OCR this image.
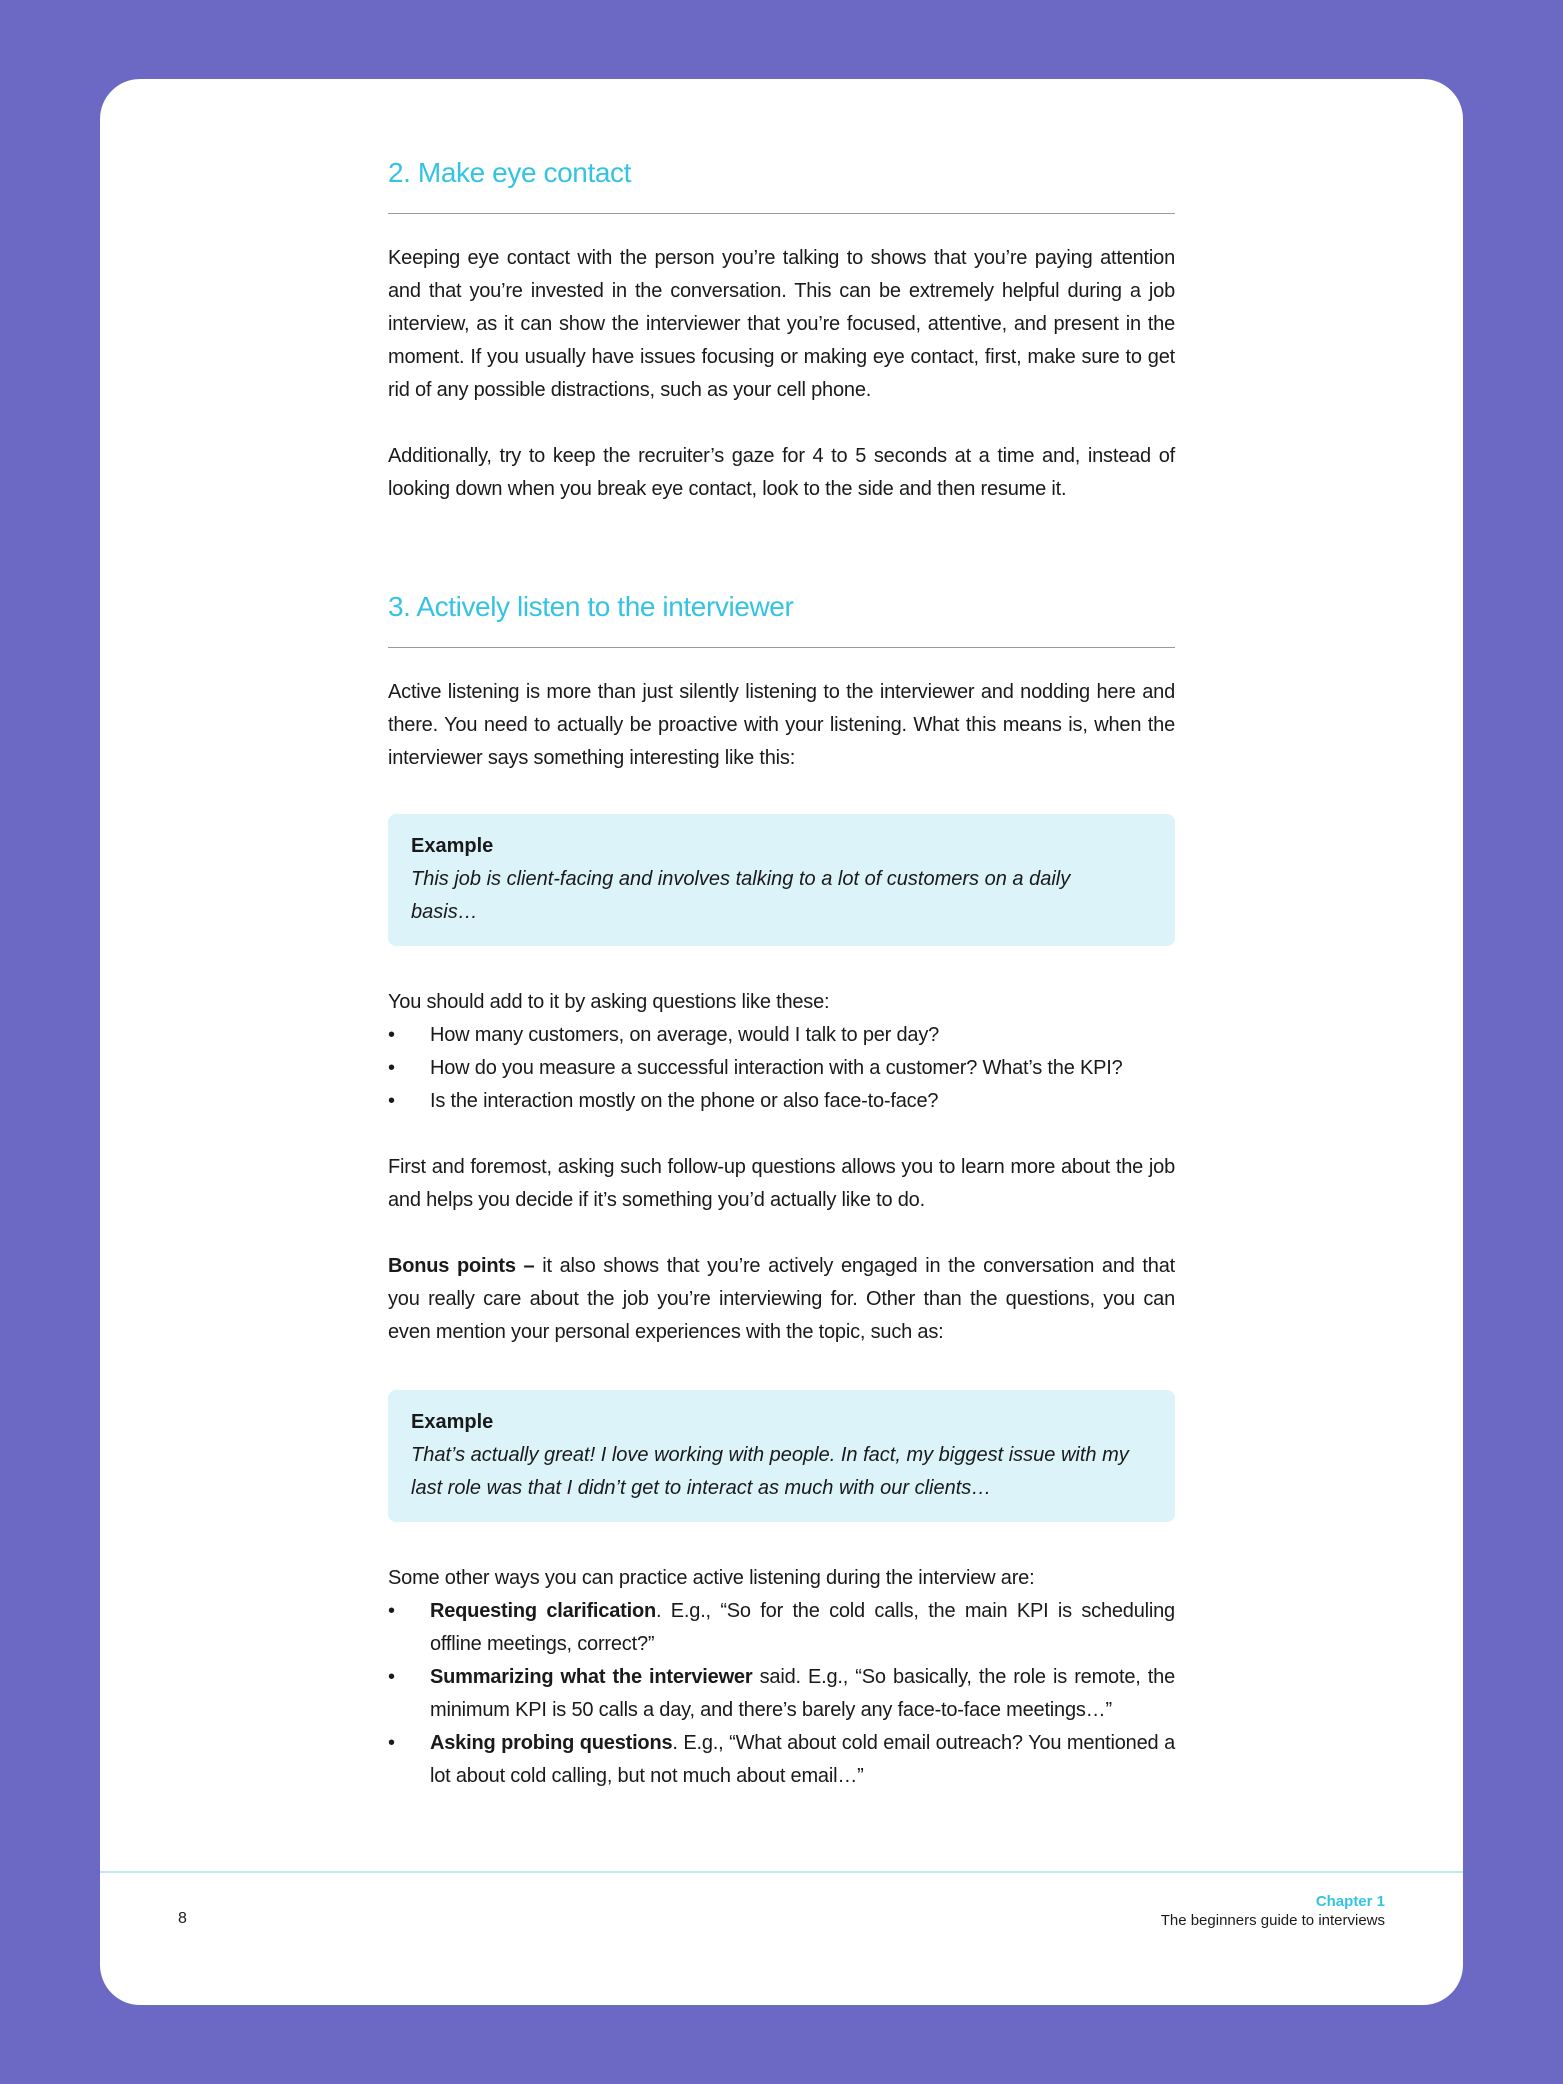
2. Make eye contact

Keeping eye contact with the person you’re talking to shows that you’re paying attention and that you’re invested in the conversation. This can be extremely helpful during a job interview, as it can show the interviewer that you’re focused, attentive, and present in the moment. If you usually have issues focusing or making eye contact, first, make sure to get rid of any possible distractions, such as your cell phone.

Additionally, try to keep the recruiter’s gaze for 4 to 5 seconds at a time and, instead of looking down when you break eye contact, look to the side and then resume it.

3. Actively listen to the interviewer

Active listening is more than just silently listening to the interviewer and nodding here and there. You need to actually be proactive with your listening. What this means is, when the interviewer says something interesting like this:

Example
This job is client-facing and involves talking to a lot of customers on a daily basis…

You should add to it by asking questions like these:

• How many customers, on average, would I talk to per day?
• How do you measure a successful interaction with a customer? What’s the KPI?
• Is the interaction mostly on the phone or also face-to-face?

First and foremost, asking such follow-up questions allows you to learn more about the job and helps you decide if it’s something you’d actually like to do.

Bonus points – it also shows that you’re actively engaged in the conversation and that you really care about the job you’re interviewing for. Other than the questions, you can even mention your personal experiences with the topic, such as:

Example
That’s actually great! I love working with people. In fact, my biggest issue with my last role was that I didn’t get to interact as much with our clients…

Some other ways you can practice active listening during the interview are:

• Requesting clarification. E.g., “So for the cold calls, the main KPI is scheduling offline meetings, correct?”
• Summarizing what the interviewer said. E.g., “So basically, the role is remote, the minimum KPI is 50 calls a day, and there’s barely any face-to-face meetings…”
• Asking probing questions. E.g., “What about cold email outreach? You mentioned a lot about cold calling, but not much about email…”
8
Chapter 1
The beginners guide to interviews
